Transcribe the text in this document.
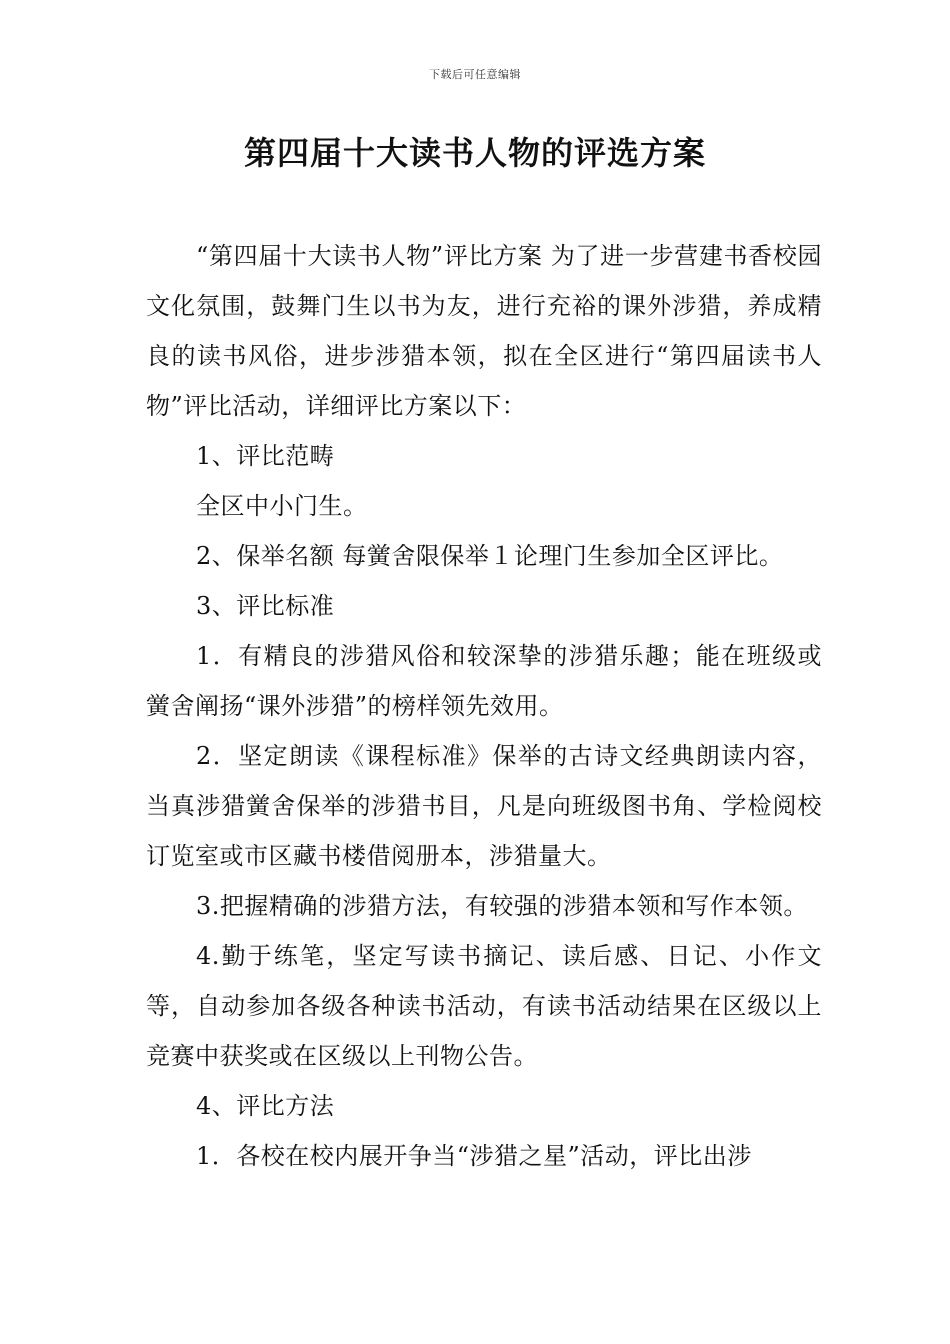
下载后可任意编辑
第四届十大读书人物的评选方案

“第四届十大读书人物”评比方案 为了进一步营建书香校园文化氛围，鼓舞门生以书为友，进行充裕的课外涉猎，养成精良的读书风俗，进步涉猎本领，拟在全区进行“第四届读书人物”评比活动，详细评比方案以下：

1、评比范畴

全区中小门生。

2、保举名额 每黉舍限保举１论理门生参加全区评比。

3、评比标准

1．有精良的涉猎风俗和较深挚的涉猎乐趣；能在班级或黉舍阐扬“课外涉猎”的榜样领先效用。

2．坚定朗读《课程标准》保举的古诗文经典朗读内容，当真涉猎黉舍保举的涉猎书目，凡是向班级图书角、学检阅校订览室或市区藏书楼借阅册本，涉猎量大。

3.把握精确的涉猎方法，有较强的涉猎本领和写作本领。

4.勤于练笔，坚定写读书摘记、读后感、日记、小作文等，自动参加各级各种读书活动，有读书活动结果在区级以上竞赛中获奖或在区级以上刊物公告。

4、评比方法

1．各校在校内展开争当“涉猎之星”活动，评比出涉
